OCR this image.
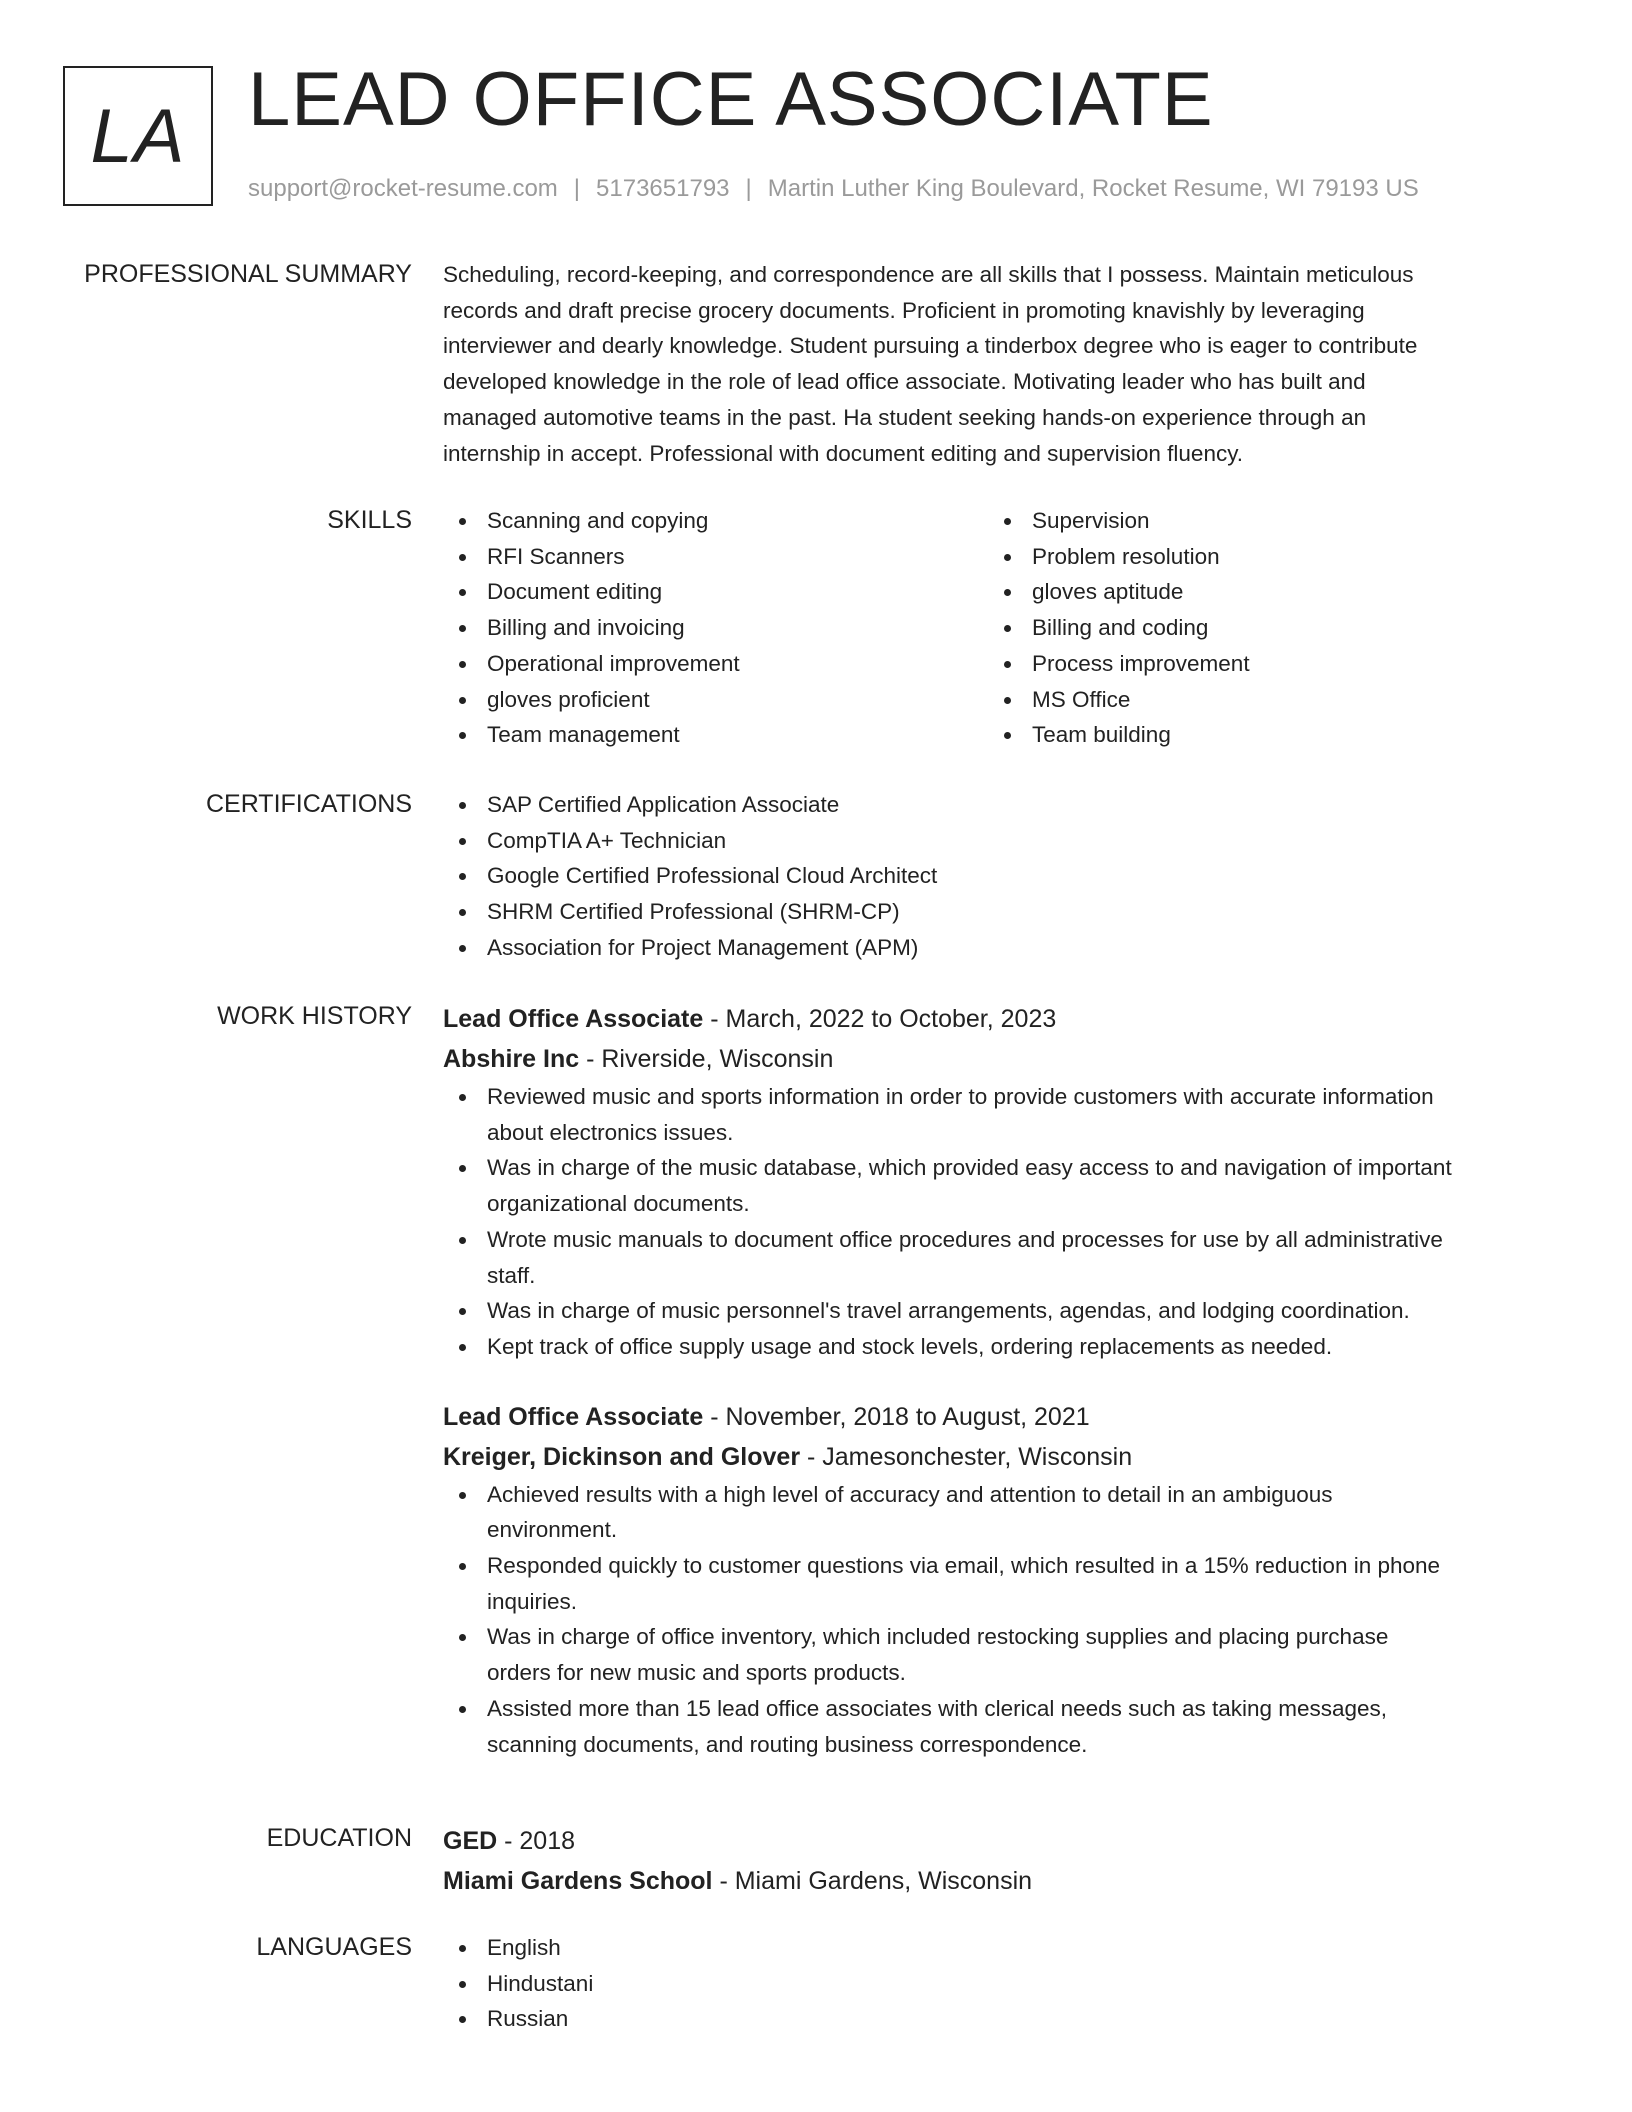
LA LEAD OFFICE ASSOCIATE
support@rocket-resume.com | 5173651793 | Martin Luther King Boulevard, Rocket Resume, WI 79193 US
PROFESSIONAL SUMMARY Scheduling, record-keeping, and correspondence are all skills that I possess. Maintain meticulous

records and draft precise grocery documents. Proficient in promoting knavishly by leveraging

interviewer and dearly knowledge. Student pursuing a tinderbox degree who is eager to contribute

developed knowledge in the role of lead office associate. Motivating leader who has built and

managed automotive teams in the past. Ha student seeking hands-on experience through an

internship in accept. Professional with document editing and supervision fluency.

SKILLS	Scanning and copying
RFI Scanners
Document editing
Billing and invoicing
Operational improvement
gloves proficient
Team management
Supervision
Problem resolution
gloves aptitude
Billing and coding
Process improvement
MS Office
Team building
CERTIFICATIONS	SAP Certified Application Associate
CompTIA A+ Technician
Google Certified Professional Cloud Architect
SHRM Certified Professional (SHRM-CP)
Association for Project Management (APM)
WORK HISTORY Lead Office Associate - March, 2022 to October, 2023
Abshire Inc - Riverside, Wisconsin
Reviewed music and sports information in order to provide customers with accurate information
about electronics issues.
Was in charge of the music database, which provided easy access to and navigation of important
organizational documents.
Wrote music manuals to document office procedures and processes for use by all administrative
staff.
Was in charge of music personnel's travel arrangements, agendas, and lodging coordination.
Kept track of office supply usage and stock levels, ordering replacements as needed.
Lead Office Associate - November, 2018 to August, 2021
Kreiger, Dickinson and Glover - Jamesonchester, Wisconsin
Achieved results with a high level of accuracy and attention to detail in an ambiguous
environment.
Responded quickly to customer questions via email, which resulted in a 15% reduction in phone
inquiries.
Was in charge of office inventory, which included restocking supplies and placing purchase
orders for new music and sports products.
Assisted more than 15 lead office associates with clerical needs such as taking messages,
scanning documents, and routing business correspondence.
EDUCATION GED - 2018
Miami Gardens School - Miami Gardens, Wisconsin
LANGUAGES	English
Hindustani
Russian
